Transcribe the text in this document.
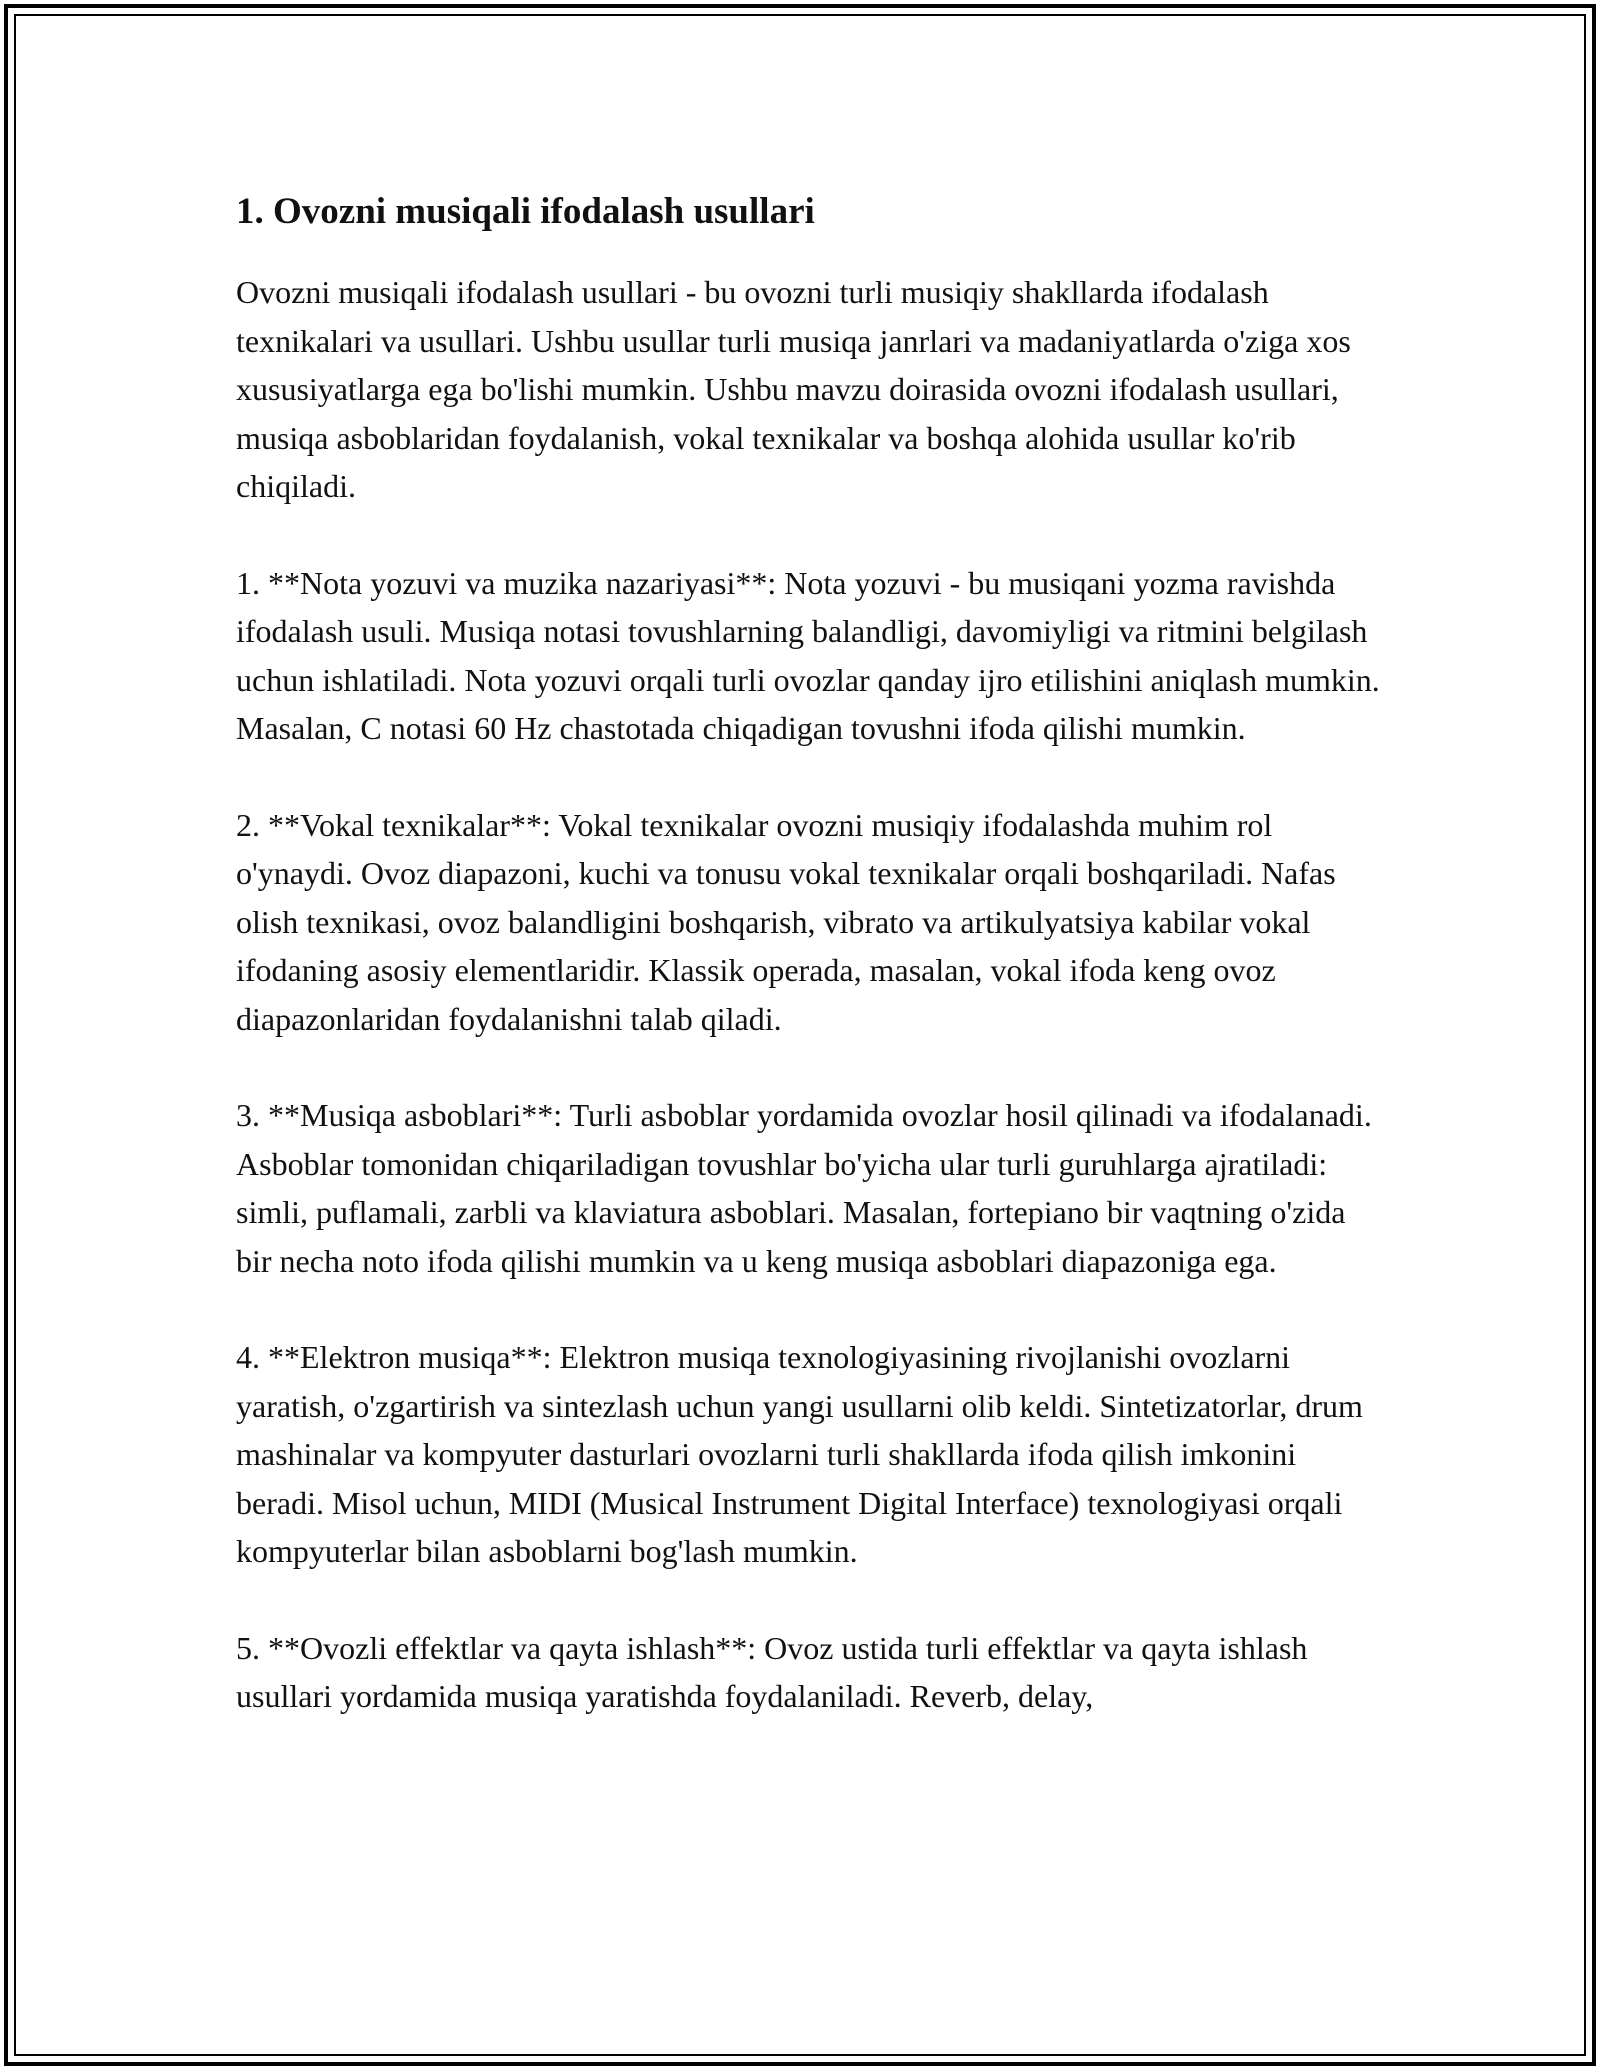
1. Ovozni musiqali ifodalash usullari

Ovozni musiqali ifodalash usullari - bu ovozni turli musiqiy shakllarda ifodalash texnikalari va usullari. Ushbu usullar turli musiqa janrlari va madaniyatlarda o'ziga xos xususiyatlarga ega bo'lishi mumkin. Ushbu mavzu doirasida ovozni ifodalash usullari, musiqa asboblaridan foydalanish, vokal texnikalar va boshqa alohida usullar ko'rib chiqiladi.

1. **Nota yozuvi va muzika nazariyasi**: Nota yozuvi - bu musiqani yozma ravishda ifodalash usuli. Musiqa notasi tovushlarning balandligi, davomiyligi va ritmini belgilash uchun ishlatiladi. Nota yozuvi orqali turli ovozlar qanday ijro etilishini aniqlash mumkin. Masalan, C notasi 60 Hz chastotada chiqadigan tovushni ifoda qilishi mumkin.

2. **Vokal texnikalar**: Vokal texnikalar ovozni musiqiy ifodalashda muhim rol o'ynaydi. Ovoz diapazoni, kuchi va tonusu vokal texnikalar orqali boshqariladi. Nafas olish texnikasi, ovoz balandligini boshqarish, vibrato va artikulyatsiya kabilar vokal ifodaning asosiy elementlaridir. Klassik operada, masalan, vokal ifoda keng ovoz diapazonlaridan foydalanishni talab qiladi.

3. **Musiqa asboblari**: Turli asboblar yordamida ovozlar hosil qilinadi va ifodalanadi. Asboblar tomonidan chiqariladigan tovushlar bo'yicha ular turli guruhlarga ajratiladi: simli, puflamali, zarbli va klaviatura asboblari. Masalan, fortepiano bir vaqtning o'zida bir necha noto ifoda qilishi mumkin va u keng musiqa asboblari diapazoniga ega.

4. **Elektron musiqa**: Elektron musiqa texnologiyasining rivojlanishi ovozlarni yaratish, o'zgartirish va sintezlash uchun yangi usullarni olib keldi. Sintetizatorlar, drum mashinalar va kompyuter dasturlari ovozlarni turli shakllarda ifoda qilish imkonini beradi. Misol uchun, MIDI (Musical Instrument Digital Interface) texnologiyasi orqali kompyuterlar bilan asboblarni bog'lash mumkin.

5. **Ovozli effektlar va qayta ishlash**: Ovoz ustida turli effektlar va qayta ishlash usullari yordamida musiqa yaratishda foydalaniladi. Reverb, delay,
